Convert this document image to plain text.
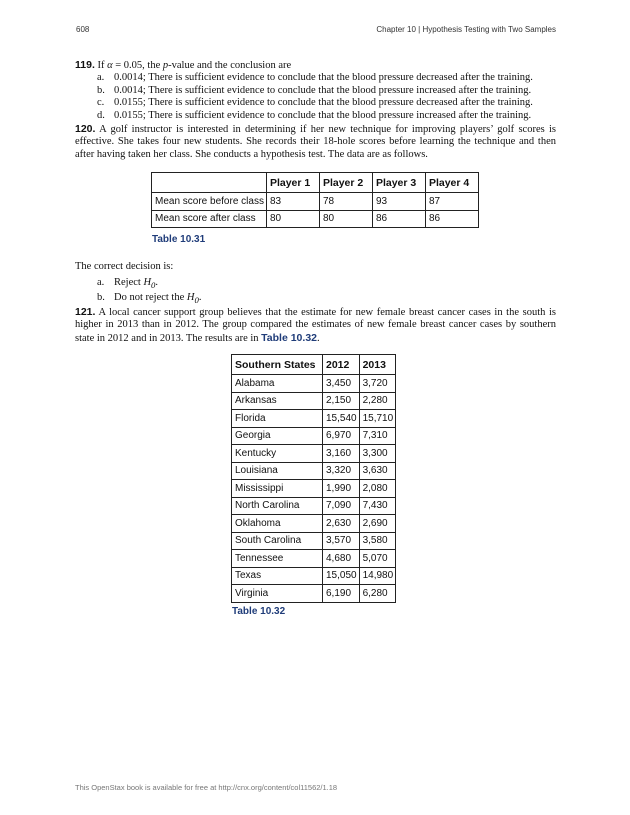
608	Chapter 10 | Hypothesis Testing with Two Samples
119. If α = 0.05, the p-value and the conclusion are
a. 0.0014; There is sufficient evidence to conclude that the blood pressure decreased after the training.
b. 0.0014; There is sufficient evidence to conclude that the blood pressure increased after the training.
c. 0.0155; There is sufficient evidence to conclude that the blood pressure decreased after the training.
d. 0.0155; There is sufficient evidence to conclude that the blood pressure increased after the training.
120. A golf instructor is interested in determining if her new technique for improving players’ golf scores is effective. She takes four new students. She records their 18-hole scores before learning the technique and then after having taken her class. She conducts a hypothesis test. The data are as follows.
	Player 1	Player 2	Player 3	Player 4
Mean score before class	83	78	93	87
Mean score after class	80	80	86	86
Table 10.31
The correct decision is:
a. Reject $H_0$.
b. Do not reject the $H_0$.
121. A local cancer support group believes that the estimate for new female breast cancer cases in the south is higher in 2013 than in 2012. The group compared the estimates of new female breast cancer cases by southern state in 2012 and in 2013. The results are in Table 10.32.
Southern States	2012	2013
Alabama	3,450	3,720
Arkansas	2,150	2,280
Florida	15,540	15,710
Georgia	6,970	7,310
Kentucky	3,160	3,300
Louisiana	3,320	3,630
Mississippi	1,990	2,080
North Carolina	7,090	7,430
Oklahoma	2,630	2,690
South Carolina	3,570	3,580
Tennessee	4,680	5,070
Texas	15,050	14,980
Virginia	6,190	6,280
Table 10.32
This OpenStax book is available for free at http://cnx.org/content/col11562/1.18
